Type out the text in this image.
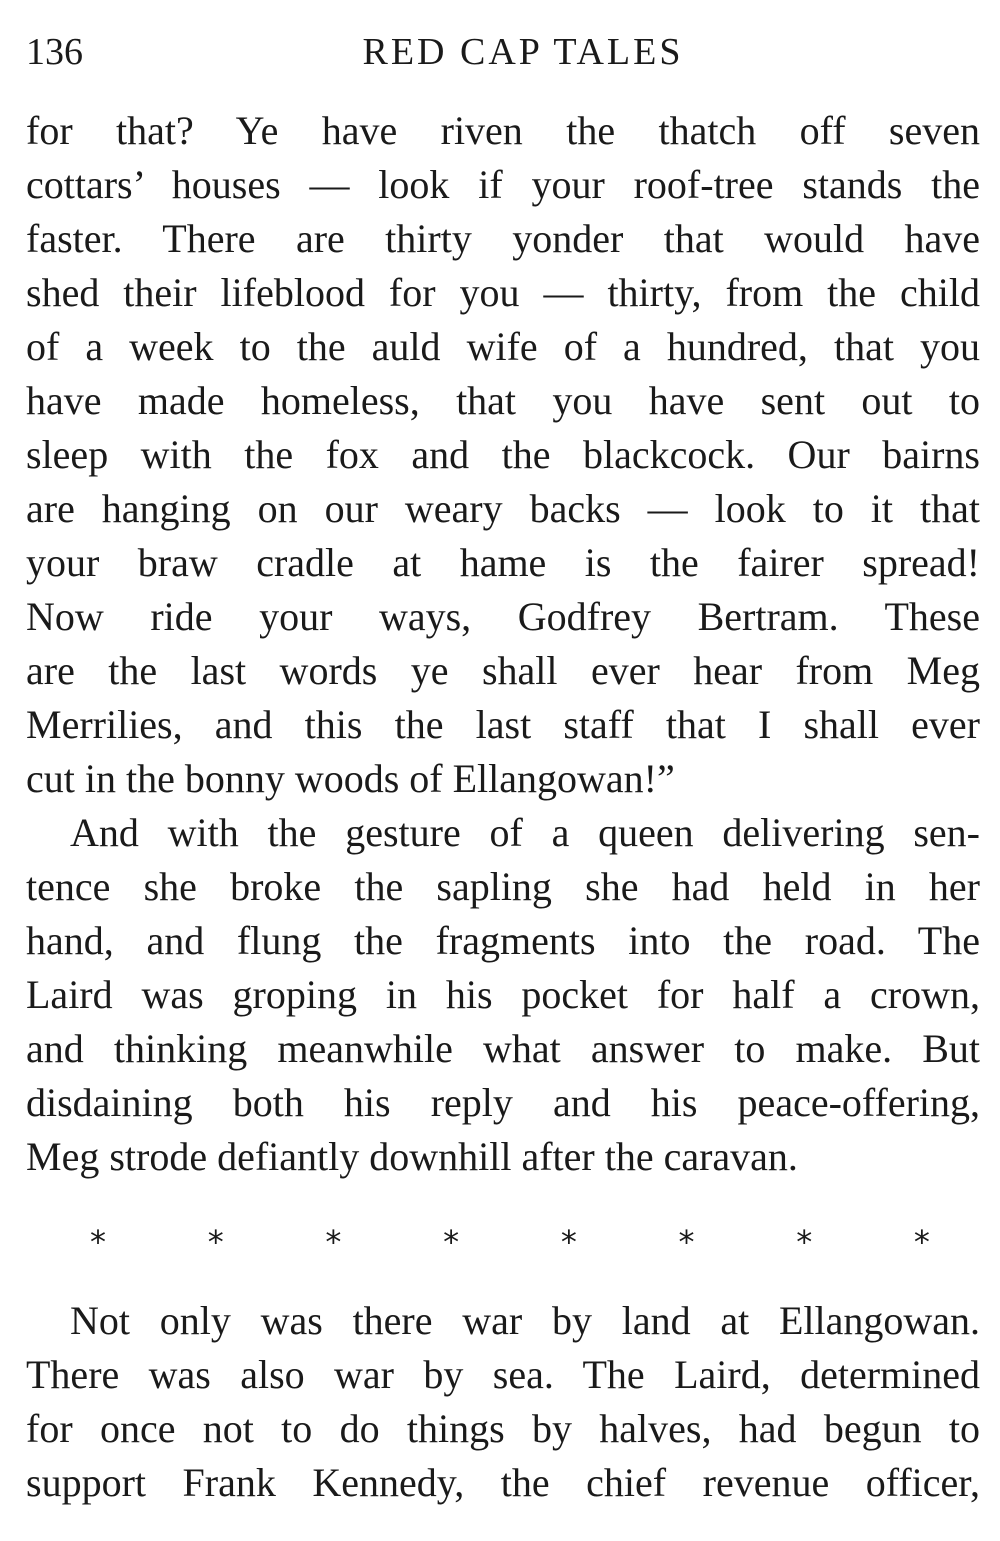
136	RED CAP TALES
for that? Ye have riven the thatch off seven
cottars’ houses — look if your roof-tree stands the
faster. There are thirty yonder that would have
shed their lifeblood for you — thirty, from the child
of a week to the auld wife of a hundred, that you
have made homeless, that you have sent out to
sleep with the fox and the blackcock. Our bairns
are hanging on our weary backs — look to it that
your braw cradle at hame is the fairer spread!
Now ride your ways, Godfrey Bertram. These
are the last words ye shall ever hear from Meg
Merrilies, and this the last staff that I shall ever
cut in the bonny woods of Ellangowan!”
And with the gesture of a queen delivering sen-
tence she broke the sapling she had held in her
hand, and flung the fragments into the road. The
Laird was groping in his pocket for half a crown,
and thinking meanwhile what answer to make. But
disdaining both his reply and his peace-offering,
Meg strode defiantly downhill after the caravan.
*	*	*	*	*	*	*	*
Not only was there war by land at Ellangowan.
There was also war by sea. The Laird, determined
for once not to do things by halves, had begun to
support Frank Kennedy, the chief revenue officer,
